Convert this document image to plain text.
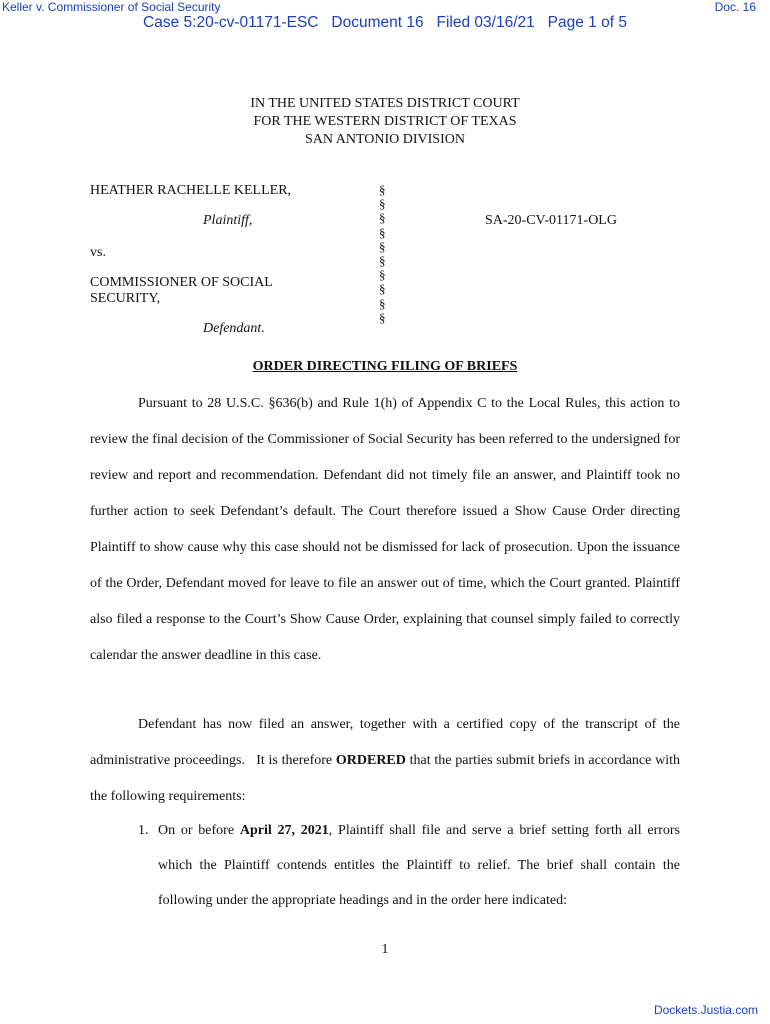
Keller v. Commissioner of Social Security	Doc. 16
Case 5:20-cv-01171-ESC   Document 16   Filed 03/16/21   Page 1 of 5
IN THE UNITED STATES DISTRICT COURT
FOR THE WESTERN DISTRICT OF TEXAS
SAN ANTONIO DIVISION
HEATHER RACHELLE KELLER,
Plaintiff,
vs.
COMMISSIONER OF SOCIAL
SECURITY,
Defendant.
SA-20-CV-01171-OLG
§
§
§
§
§
§
§
§
§
§
ORDER DIRECTING FILING OF BRIEFS

Pursuant to 28 U.S.C. §636(b) and Rule 1(h) of Appendix C to the Local Rules, this action to review the final decision of the Commissioner of Social Security has been referred to the undersigned for review and report and recommendation. Defendant did not timely file an answer, and Plaintiff took no further action to seek Defendant’s default. The Court therefore issued a Show Cause Order directing Plaintiff to show cause why this case should not be dismissed for lack of prosecution. Upon the issuance of the Order, Defendant moved for leave to file an answer out of time, which the Court granted. Plaintiff also filed a response to the Court’s Show Cause Order, explaining that counsel simply failed to correctly calendar the answer deadline in this case.

Defendant has now filed an answer, together with a certified copy of the transcript of the administrative proceedings.   It is therefore ORDERED that the parties submit briefs in accordance with the following requirements:

1. On or before April 27, 2021, Plaintiff shall file and serve a brief setting forth all errors which the Plaintiff contends entitles the Plaintiff to relief. The brief shall contain the following under the appropriate headings and in the order here indicated:
1
Dockets.Justia.com
